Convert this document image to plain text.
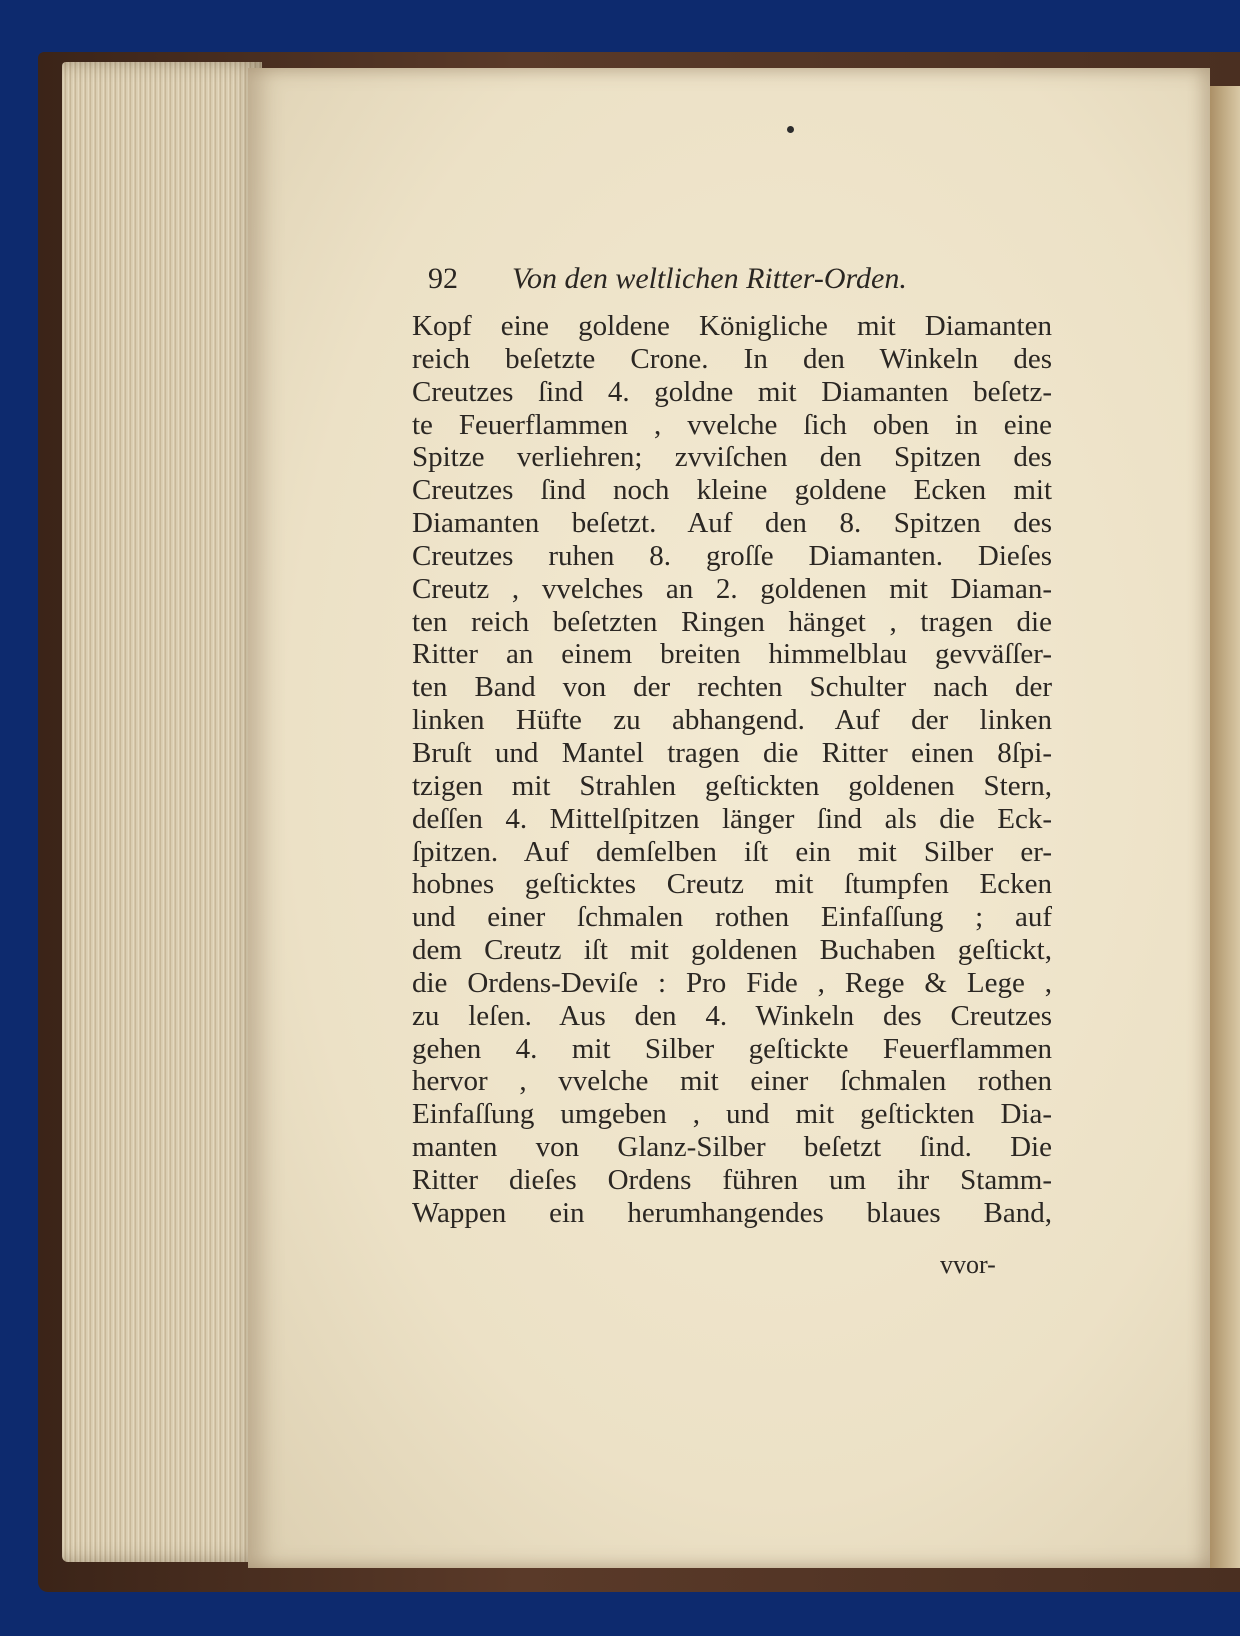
92 Von den weltlichen Ritter-Orden.
Kopf eine goldene Königliche mit Diamanten
reich beſetzte Crone. In den Winkeln des
Creutzes ſind 4. goldne mit Diamanten beſetz-
te Feuerflammen , vvelche ſich oben in eine
Spitze verliehren; zvviſchen den Spitzen des
Creutzes ſind noch kleine goldene Ecken mit
Diamanten beſetzt. Auf den 8. Spitzen des
Creutzes ruhen 8. groſſe Diamanten. Dieſes
Creutz , vvelches an 2. goldenen mit Diaman-
ten reich beſetzten Ringen hänget , tragen die
Ritter an einem breiten himmelblau gevväſſer-
ten Band von der rechten Schulter nach der
linken Hüfte zu abhangend. Auf der linken
Bruſt und Mantel tragen die Ritter einen 8ſpi-
tzigen mit Strahlen geſtickten goldenen Stern,
deſſen 4. Mittelſpitzen länger ſind als die Eck-
ſpitzen. Auf demſelben iſt ein mit Silber er-
hobnes geſticktes Creutz mit ſtumpfen Ecken
und einer ſchmalen rothen Einfaſſung ; auf
dem Creutz iſt mit goldenen Buchaben geſtickt,
die Ordens-Deviſe : Pro Fide , Rege & Lege ,
zu leſen. Aus den 4. Winkeln des Creutzes
gehen 4. mit Silber geſtickte Feuerflammen
hervor , vvelche mit einer ſchmalen rothen
Einfaſſung umgeben , und mit geſtickten Dia-
manten von Glanz-Silber beſetzt ſind. Die
Ritter dieſes Ordens führen um ihr Stamm-
Wappen ein herumhangendes blaues Band,
vvor-
